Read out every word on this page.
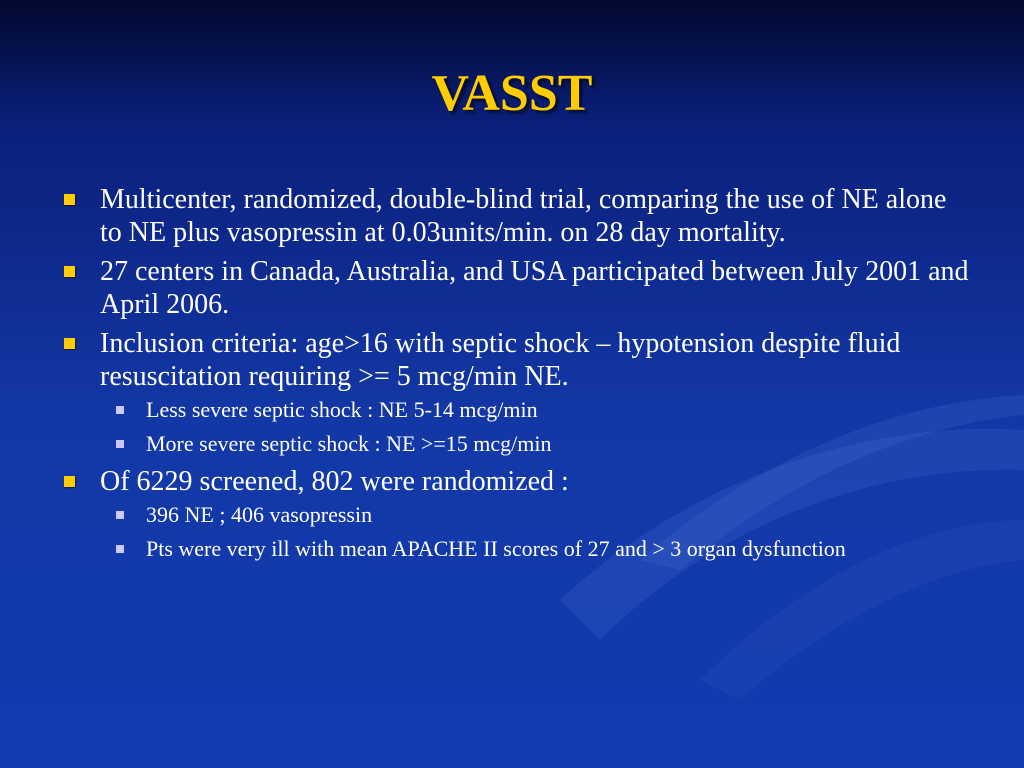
VASST
Multicenter, randomized, double-blind trial, comparing the use of NE alone to NE plus vasopressin at 0.03units/min. on 28 day mortality.
27 centers in Canada, Australia, and USA participated between July 2001 and April 2006.
Inclusion criteria: age>16 with septic shock – hypotension despite fluid resuscitation requiring >= 5 mcg/min NE.
Less severe septic shock : NE 5-14 mcg/min
More severe septic shock : NE >=15 mcg/min
Of 6229 screened, 802 were randomized :
396 NE ; 406 vasopressin
Pts were very ill with mean APACHE II scores of 27 and > 3 organ dysfunction
